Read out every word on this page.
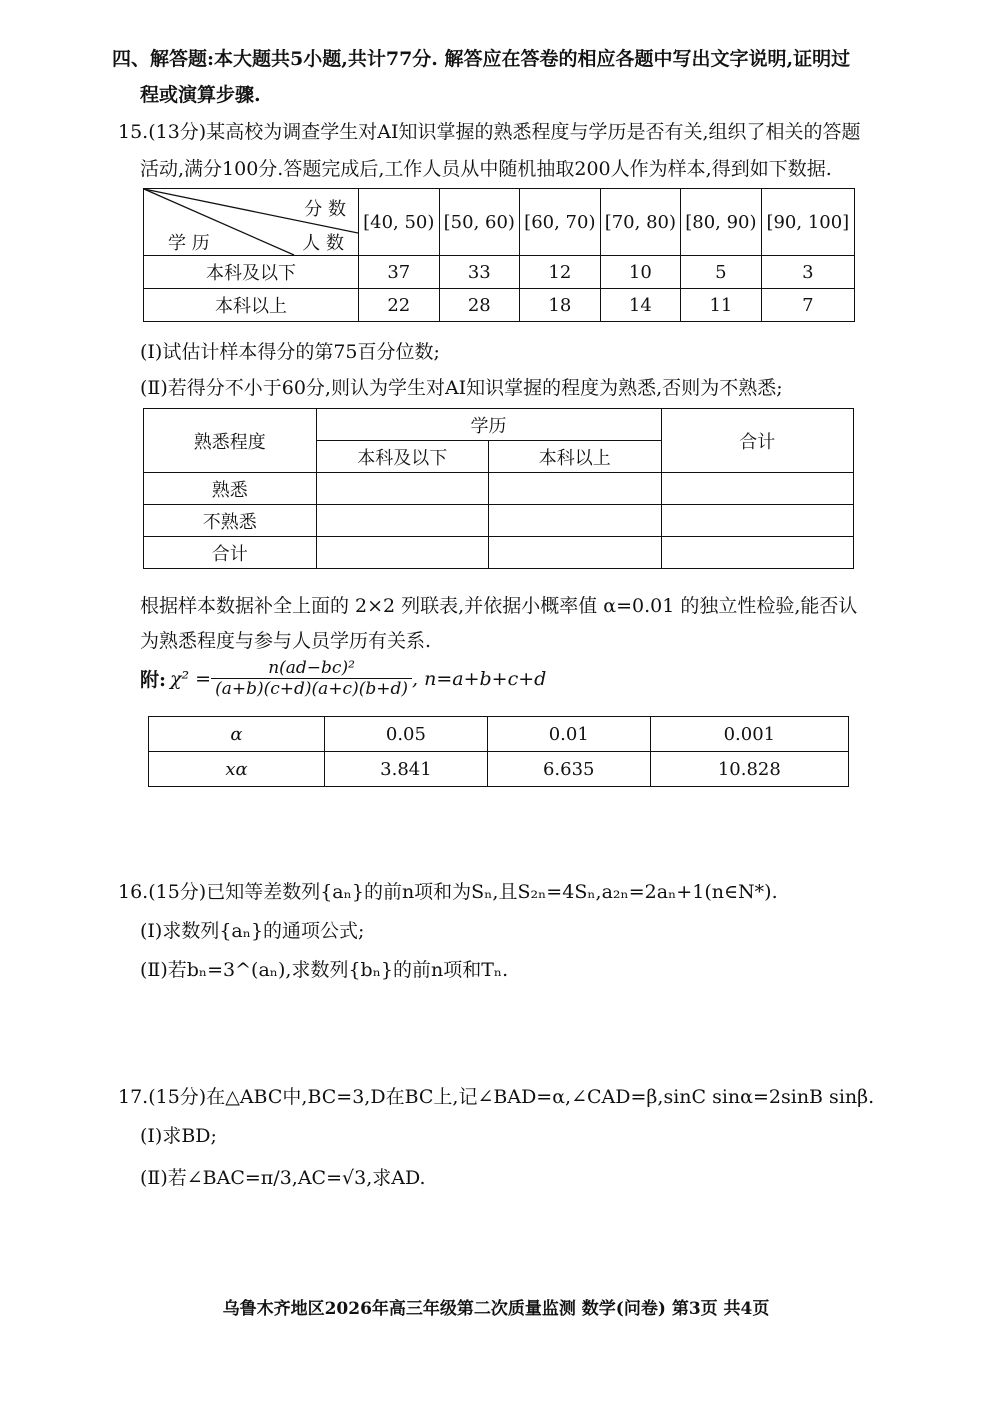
四、解答题:本大题共5小题,共计77分. 解答应在答卷的相应各题中写出文字说明,证明过
程或演算步骤.
15.(13分)某高校为调查学生对AI知识掌握的熟悉程度与学历是否有关,组织了相关的答题
活动,满分100分.答题完成后,工作人员从中随机抽取200人作为样本,得到如下数据.
分 数
人 数
学 历	[40, 50)	[50, 60)	[60, 70)	[70, 80)	[80, 90)	[90, 100]
本科及以下	37	33	12	10	5	3
本科以上	22	28	18	14	11	7
(Ⅰ)试估计样本得分的第75百分位数;
(Ⅱ)若得分不小于60分,则认为学生对AI知识掌握的程度为熟悉,否则为不熟悉;
熟悉程度	学历		合计
	本科及以下	本科以上	
熟悉			
不熟悉			
合计			
根据样本数据补全上面的 2×2 列联表,并依据小概率值 α=0.01 的独立性检验,能否认
为熟悉程度与参与人员学历有关系.
附: $\chi^2 = \frac{\text{n(ad−bc)²}}{(a+b)(c+d)(a+c)(b+d)}$ , n=a+b+c+d
α	0.05	0.01	0.001
xα	3.841	6.635	10.828
16.(15分)已知等差数列{aₙ}的前n项和为Sₙ,且S₂ₙ=4Sₙ,a₂ₙ=2aₙ+1(n∈N*).
(Ⅰ)求数列{aₙ}的通项公式;
(Ⅱ)若bₙ=3^(aₙ),求数列{bₙ}的前n项和Tₙ.
17.(15分)在△ABC中,BC=3,D在BC上,记∠BAD=α,∠CAD=β,sinC sinα=2sinB sinβ.
(Ⅰ)求BD;
(Ⅱ)若∠BAC=π/3,AC=√3,求AD.
乌鲁木齐地区2026年高三年级第二次质量监测 数学(问卷) 第3页 共4页
